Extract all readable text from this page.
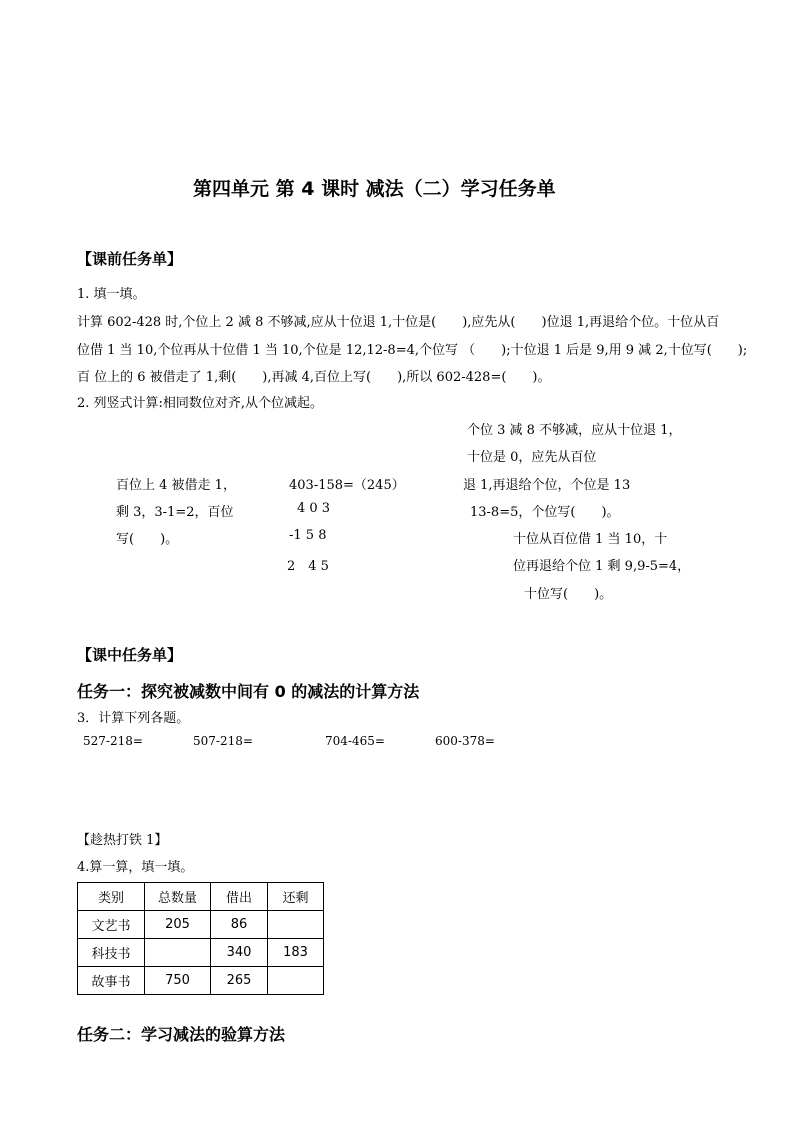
第四单元 第 4 课时 减法（二）学习任务单
【课前任务单】
1. 填一填。
计算 602-428 时,个位上 2 减 8 不够减,应从十位退 1,十位是(　　),应先从(　　)位退 1,再退给个位。十位从百
位借 1 当 10,个位再从十位借 1 当 10,个位是 12,12-8=4,个位写 （　　);十位退 1 后是 9,用 9 减 2,十位写(　　);
百 位上的 6 被借走了 1,剩(　　),再减 4,百位上写(　　),所以 602-428=(　　)。
2. 列竖式计算:相同数位对齐,从个位减起。
百位上 4 被借走 1，
剩 3，3-1=2，百位
写(　　)。
403-158=（245）
4 0 3
-1 5 8
2　4 5
个位 3 减 8 不够减，应从十位退 1，
十位是 0，应先从百位
退 1,再退给个位，个位是 13
13-8=5，个位写(　　)。
十位从百位借 1 当 10，十
位再退给个位 1 剩 9,9-5=4，
十位写(　　)。
【课中任务单】
任务一：探究被减数中间有 0 的减法的计算方法
3．计算下列各题。
527-218=	507-218=	704-465=	600-378=
【趁热打铁 1】
4.算一算，填一填。
类别	总数量	借出	还剩
文艺书	205	86	
科技书		340	183
故事书	750	265	
任务二：学习减法的验算方法
